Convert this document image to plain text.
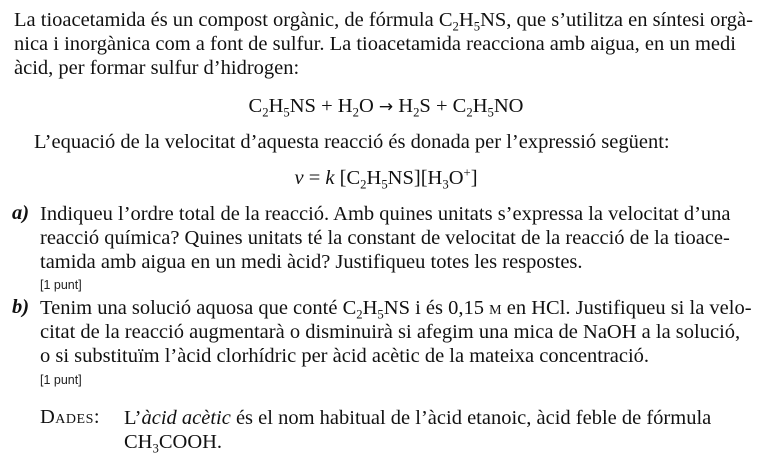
La tioacetamida és un compost orgànic, de fórmula $C_2H_5NS$, que s’utilitza en síntesi orgà-
nica i inorgànica com a font de sulfur. La tioacetamida reacciona amb aigua, en un medi
àcid, per formar sulfur d’hidrogen:
$C_2H_5NS + H_2O \to H_2S + C_2H_5NO$
L’equació de la velocitat d’aquesta reacció és donada per l’expressió següent:
v = k $[C_2H_5NS][H_3O^+]$
a) Indiqueu l’ordre total de la reacció. Amb quines unitats s’expressa la velocitat d’una
reacció química? Quines unitats té la constant de velocitat de la reacció de la tioace-
tamida amb aigua en un medi àcid? Justifiqueu totes les respostes.
[1 punt]
b) Tenim una solució aquosa que conté $C_2H_5NS$ i és 0,15 m en HCl. Justifiqueu si la velo-
citat de la reacció augmentarà o disminuirà si afegim una mica de NaOH a la solució,
o si substituïm l’àcid clorhídric per àcid acètic de la mateixa concentració.
[1 punt]
Dades: L’àcid acètic és el nom habitual de l’àcid etanoic, àcid feble de fórmula
$CH_3COOH$.
